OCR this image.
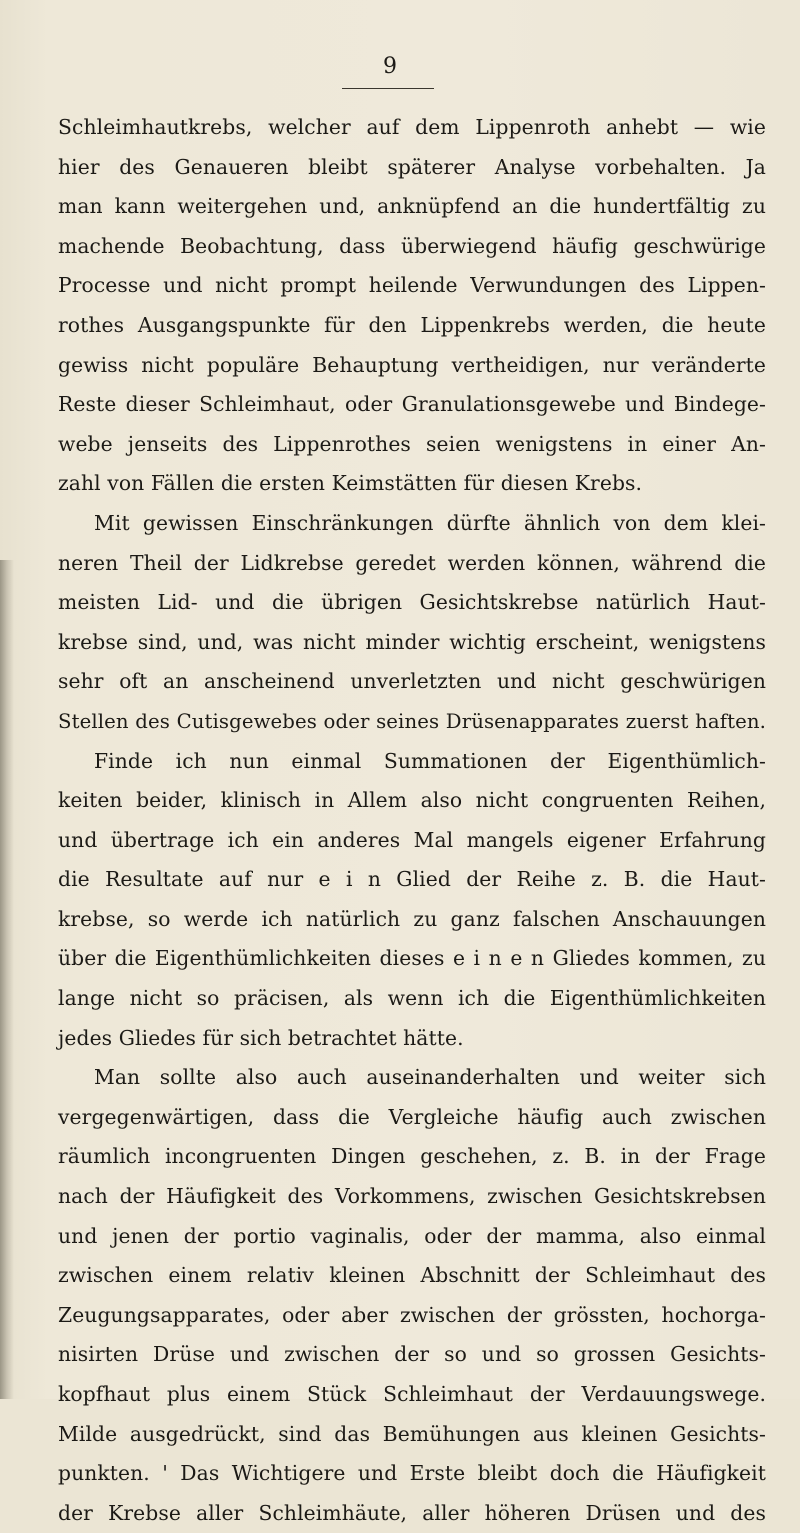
9
Schleimhautkrebs, welcher auf dem Lippenroth anhebt — wie
hier des Genaueren bleibt späterer Analyse vorbehalten. Ja
man kann weitergehen und, anknüpfend an die hundertfältig zu
machende Beobachtung, dass überwiegend häufig geschwürige
Processe und nicht prompt heilende Verwundungen des Lippen-
rothes Ausgangspunkte für den Lippenkrebs werden, die heute
gewiss nicht populäre Behauptung vertheidigen, nur veränderte
Reste dieser Schleimhaut, oder Granulationsgewebe und Bindege-
webe jenseits des Lippenrothes seien wenigstens in einer An-
zahl von Fällen die ersten Keimstätten für diesen Krebs.
Mit gewissen Einschränkungen dürfte ähnlich von dem klei-
neren Theil der Lidkrebse geredet werden können, während die
meisten Lid- und die übrigen Gesichtskrebse natürlich Haut-
krebse sind, und, was nicht minder wichtig erscheint, wenigstens
sehr oft an anscheinend unverletzten und nicht geschwürigen
Stellen des Cutisgewebes oder seines Drüsenapparates zuerst haften.
Finde ich nun einmal Summationen der Eigenthümlich-
keiten beider, klinisch in Allem also nicht congruenten Reihen,
und übertrage ich ein anderes Mal mangels eigener Erfahrung
die Resultate auf nur e i n Glied der Reihe z. B. die Haut-
krebse, so werde ich natürlich zu ganz falschen Anschauungen
über die Eigenthümlichkeiten dieses e i n e n Gliedes kommen, zu
lange nicht so präcisen, als wenn ich die Eigenthümlichkeiten
jedes Gliedes für sich betrachtet hätte.
Man sollte also auch auseinanderhalten und weiter sich
vergegenwärtigen, dass die Vergleiche häufig auch zwischen
räumlich incongruenten Dingen geschehen, z. B. in der Frage
nach der Häufigkeit des Vorkommens, zwischen Gesichtskrebsen
und jenen der portio vaginalis, oder der mamma, also einmal
zwischen einem relativ kleinen Abschnitt der Schleimhaut des
Zeugungsapparates, oder aber zwischen der grössten, hochorga-
nisirten Drüse und zwischen der so und so grossen Gesichts-
kopfhaut plus einem Stück Schleimhaut der Verdauungswege.
Milde ausgedrückt, sind das Bemühungen aus kleinen Gesichts-
punkten. ' Das Wichtigere und Erste bleibt doch die Häufigkeit
der Krebse aller Schleimhäute, aller höheren Drüsen und des
